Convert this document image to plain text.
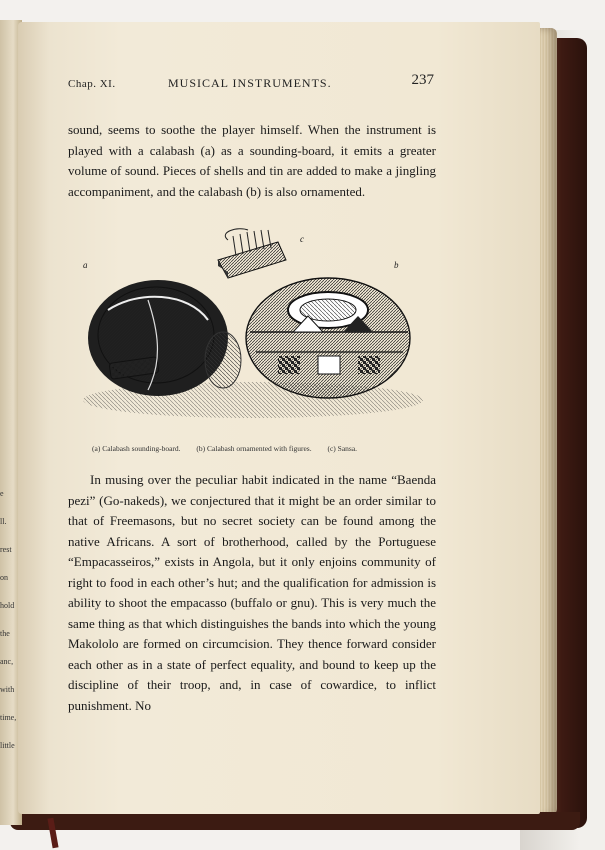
e
ll.
rest
on
hold
the
anc,
with
time,
little
Chap. XI.	MUSICAL INSTRUMENTS.	237

sound, seems to soothe the player himself. When the instrument is played with a calabash (a) as a sounding-board, it emits a greater volume of sound. Pieces of shells and tin are added to make a jingling accompaniment, and the calabash (b) is also ornamented.

a	b
c
(a) Calabash sounding-board. (b) Calabash ornamented with figures. (c) Sansa.

In musing over the peculiar habit indicated in the name “Baenda pezi” (Go-nakeds), we conjectured that it might be an order similar to that of Freemasons, but no secret society can be found among the native Africans. A sort of brotherhood, called by the Portuguese “Empacasseiros,” exists in Angola, but it only enjoins community of right to food in each other’s hut; and the qualification for admission is ability to shoot the empacasso (buffalo or gnu). This is very much the same thing as that which distinguishes the bands into which the young Makololo are formed on circumcision. They thence forward consider each other as in a state of perfect equality, and bound to keep up the discipline of their troop, and, in case of cowardice, to inflict punishment. No
